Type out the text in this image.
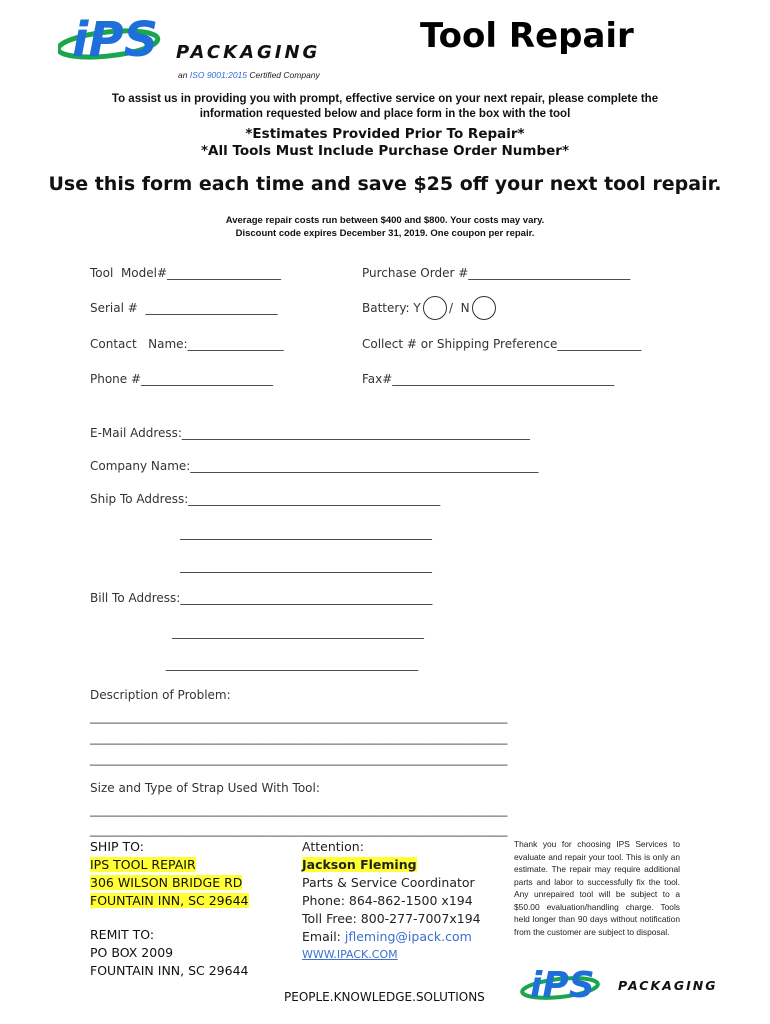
iPS PACKAGING
an ISO 9001:2015 Certified Company
Tool Repair
To assist us in providing you with prompt, effective service on your next repair, please complete the
information requested below and place form in the box with the tool
*Estimates Provided Prior To Repair*
*All Tools Must Include Purchase Order Number*
Use this form each time and save $25 off your next tool repair.
Average repair costs run between $400 and $800. Your costs may vary.
Discount code expires December 31, 2019. One coupon per repair.
Tool  Model#___________________	Purchase Order #___________________________
Serial #  ______________________	Battery: Y /  N
Contact   Name:________________	Collect # or Shipping Preference______________
Phone #______________________	Fax#_____________________________________
E-Mail Address:__________________________________________________________
Company Name:__________________________________________________________
Ship To Address:__________________________________________
__________________________________________
__________________________________________
Bill To Address:__________________________________________
__________________________________________
__________________________________________
Description of Problem:
________________________________________________________________________
________________________________________________________________________
________________________________________________________________________
Size and Type of Strap Used With Tool:
________________________________________________________________________
________________________________________________________________________
SHIP TO:
IPS TOOL REPAIR
306 WILSON BRIDGE RD
FOUNTAIN INN, SC 29644
REMIT TO:
PO BOX 2009
FOUNTAIN INN, SC 29644
Attention:
Jackson Fleming
Parts & Service Coordinator
Phone: 864-862-1500 x194
Toll Free: 800-277-7007x194
Email: jfleming@ipack.com
WWW.IPACK.COM
Thank you for choosing IPS Services to evaluate and repair your tool. This is only an estimate. The repair may require additional parts and labor to successfully fix the tool. Any unrepaired tool will be subject to a $50.00 evaluation/handling charge. Tools held longer than 90 days without notification from the customer are subject to disposal.
PEOPLE.KNOWLEDGE.SOLUTIONS iPS PACKAGING
